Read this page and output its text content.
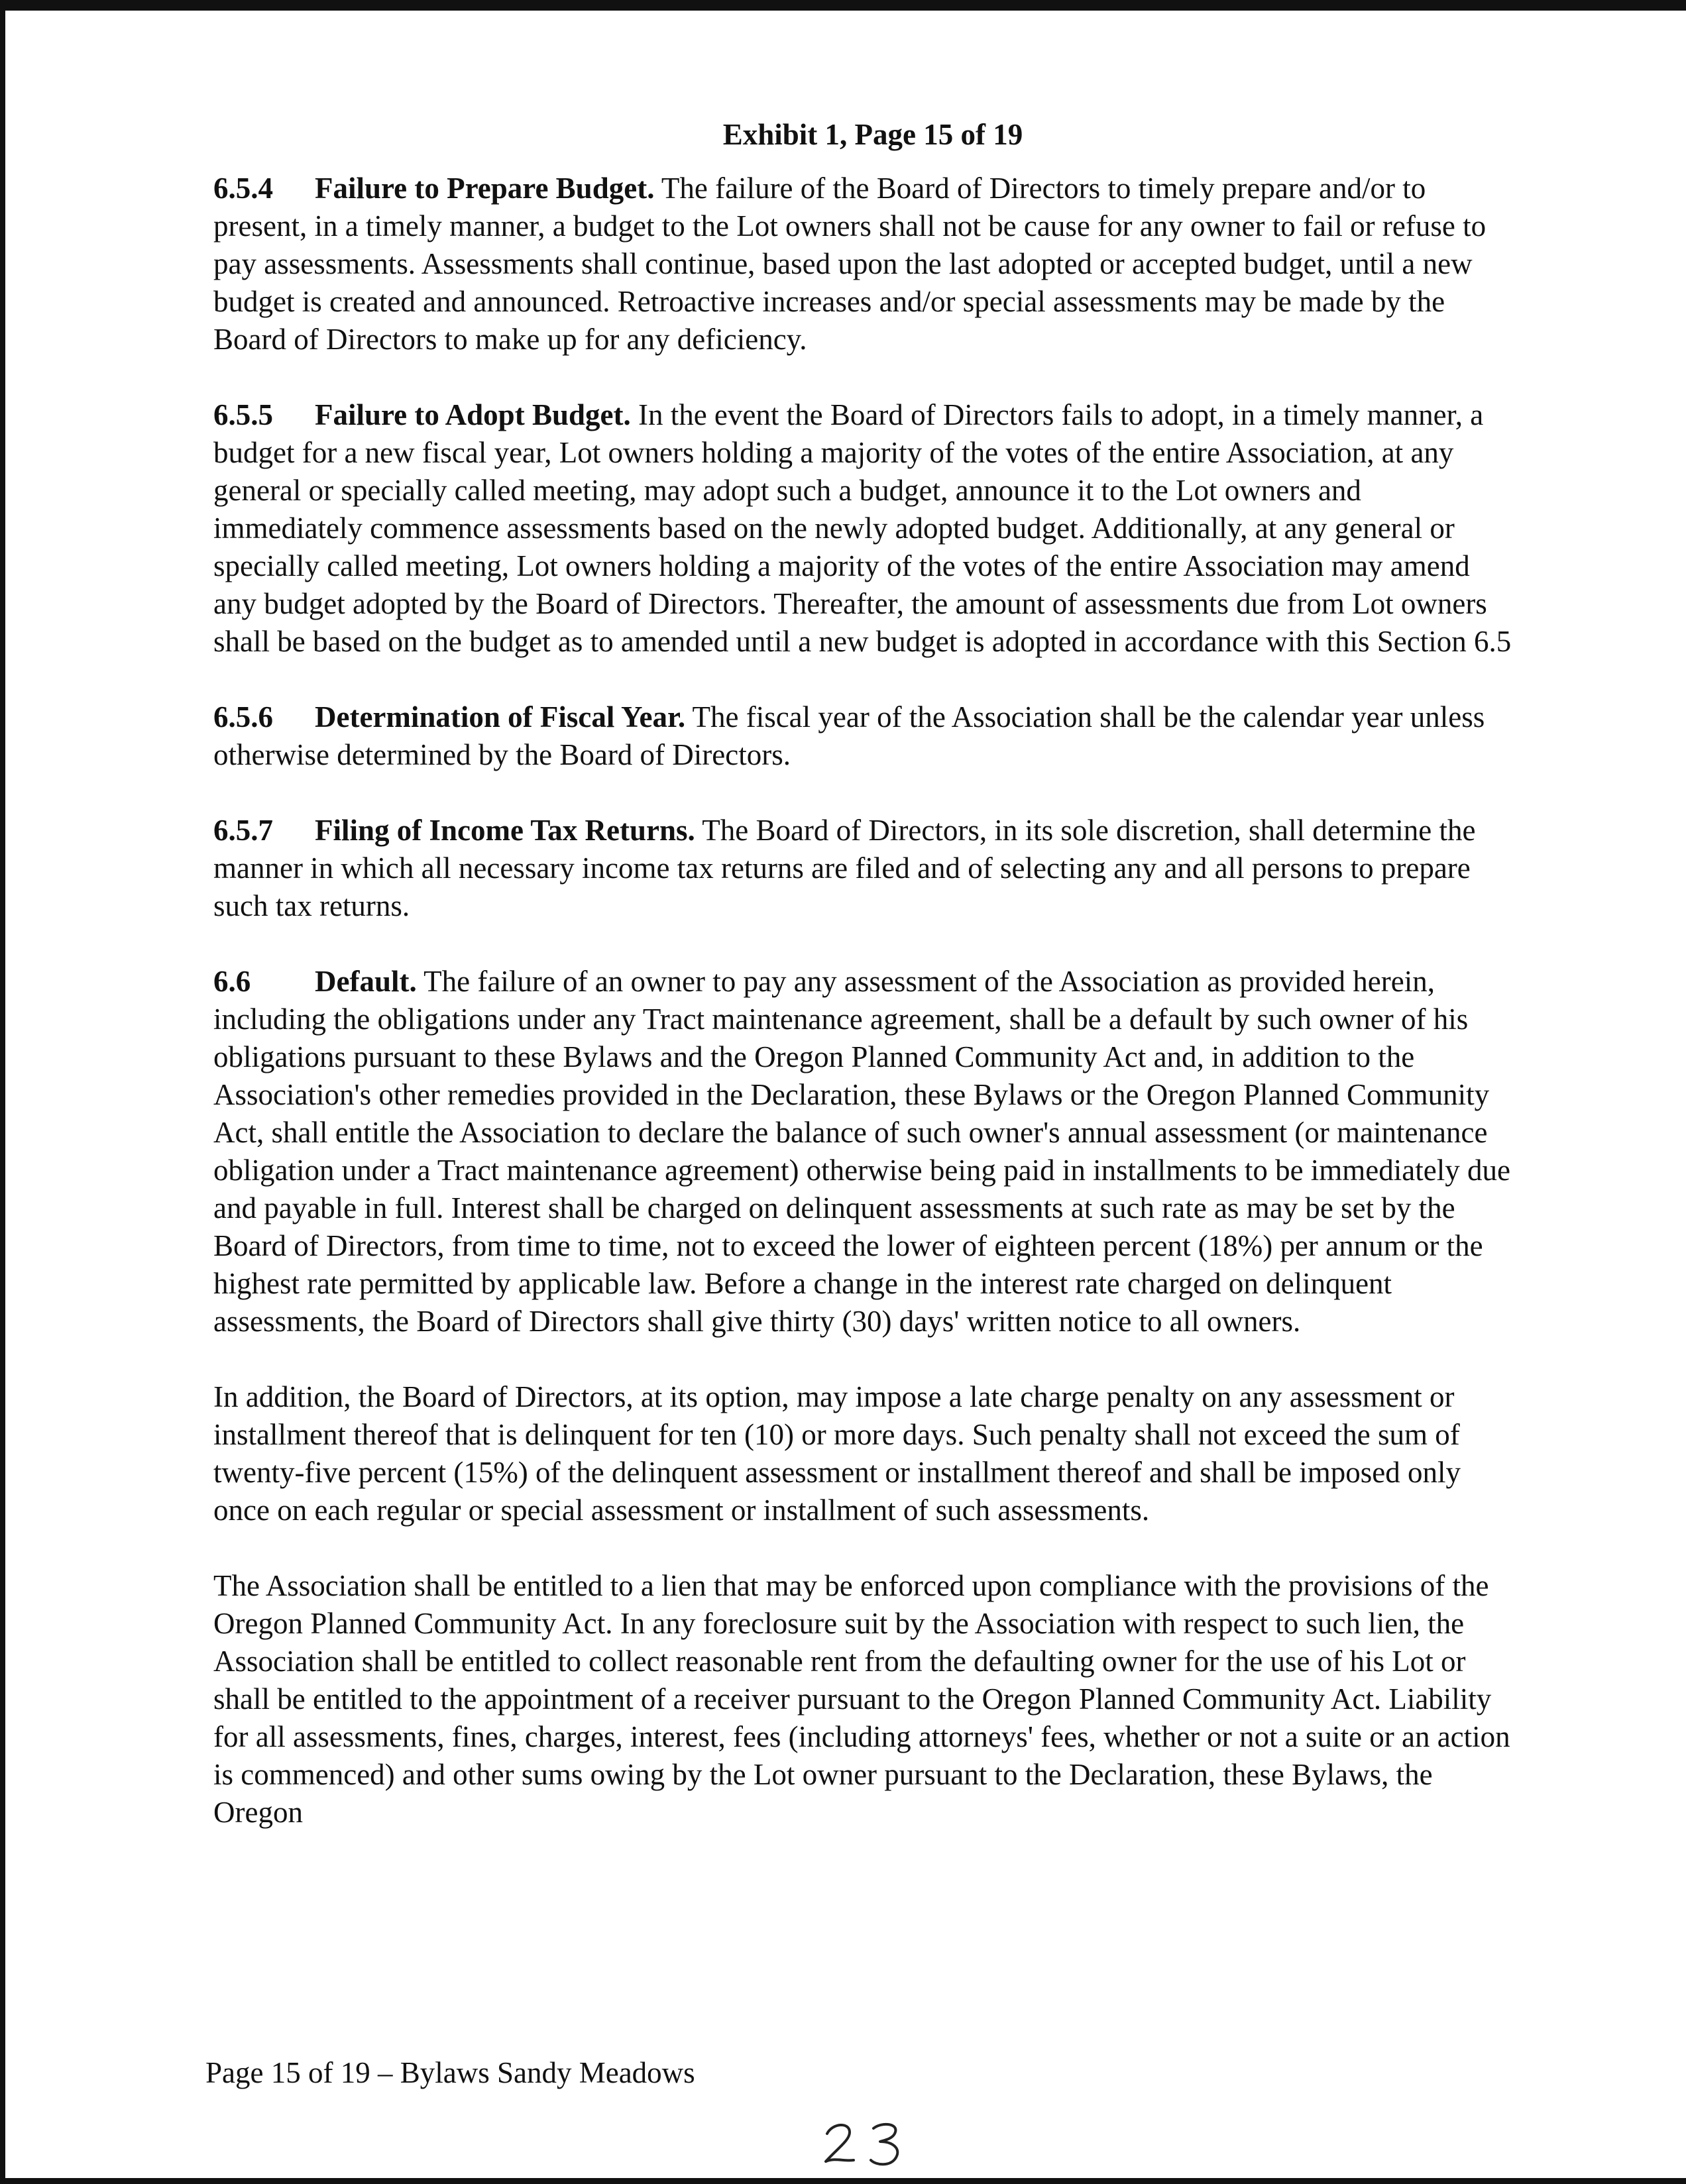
Exhibit 1, Page 15 of 19
6.5.4 Failure to Prepare Budget. The failure of the Board of Directors to timely prepare and/or to present, in a timely manner, a budget to the Lot owners shall not be cause for any owner to fail or refuse to pay assessments. Assessments shall continue, based upon the last adopted or accepted budget, until a new budget is created and announced. Retroactive increases and/or special assessments may be made by the Board of Directors to make up for any deficiency.
6.5.5 Failure to Adopt Budget. In the event the Board of Directors fails to adopt, in a timely manner, a budget for a new fiscal year, Lot owners holding a majority of the votes of the entire Association, at any general or specially called meeting, may adopt such a budget, announce it to the Lot owners and immediately commence assessments based on the newly adopted budget. Additionally, at any general or specially called meeting, Lot owners holding a majority of the votes of the entire Association may amend any budget adopted by the Board of Directors. Thereafter, the amount of assessments due from Lot owners shall be based on the budget as to amended until a new budget is adopted in accordance with this Section 6.5
6.5.6 Determination of Fiscal Year. The fiscal year of the Association shall be the calendar year unless otherwise determined by the Board of Directors.
6.5.7 Filing of Income Tax Returns. The Board of Directors, in its sole discretion, shall determine the manner in which all necessary income tax returns are filed and of selecting any and all persons to prepare such tax returns.
6.6 Default. The failure of an owner to pay any assessment of the Association as provided herein, including the obligations under any Tract maintenance agreement, shall be a default by such owner of his obligations pursuant to these Bylaws and the Oregon Planned Community Act and, in addition to the Association's other remedies provided in the Declaration, these Bylaws or the Oregon Planned Community Act, shall entitle the Association to declare the balance of such owner's annual assessment (or maintenance obligation under a Tract maintenance agreement) otherwise being paid in installments to be immediately due and payable in full. Interest shall be charged on delinquent assessments at such rate as may be set by the Board of Directors, from time to time, not to exceed the lower of eighteen percent (18%) per annum or the highest rate permitted by applicable law. Before a change in the interest rate charged on delinquent assessments, the Board of Directors shall give thirty (30) days' written notice to all owners.
In addition, the Board of Directors, at its option, may impose a late charge penalty on any assessment or installment thereof that is delinquent for ten (10) or more days. Such penalty shall not exceed the sum of twenty-five percent (15%) of the delinquent assessment or installment thereof and shall be imposed only once on each regular or special assessment or installment of such assessments.
The Association shall be entitled to a lien that may be enforced upon compliance with the provisions of the Oregon Planned Community Act. In any foreclosure suit by the Association with respect to such lien, the Association shall be entitled to collect reasonable rent from the defaulting owner for the use of his Lot or shall be entitled to the appointment of a receiver pursuant to the Oregon Planned Community Act. Liability for all assessments, fines, charges, interest, fees (including attorneys' fees, whether or not a suite or an action is commenced) and other sums owing by the Lot owner pursuant to the Declaration, these Bylaws, the Oregon
Page 15 of 19 – Bylaws Sandy Meadows
